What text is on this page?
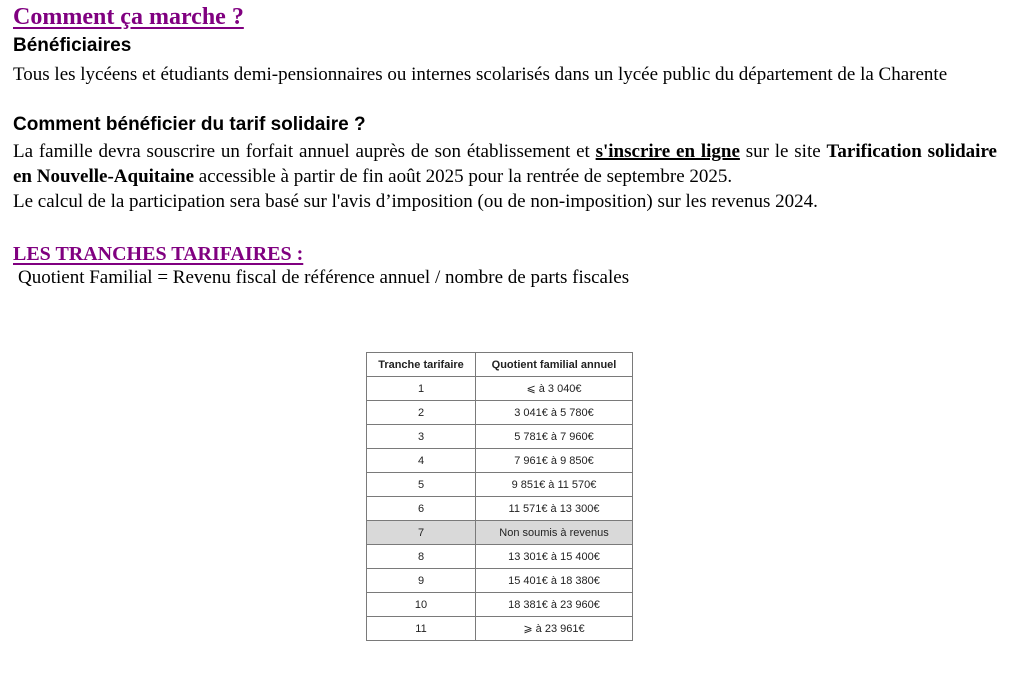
Comment ça marche ?
Bénéficiaires

Tous les lycéens et étudiants demi-pensionnaires ou internes scolarisés dans un lycée public du département de la Charente

Comment bénéficier du tarif solidaire ?

La famille devra souscrire un forfait annuel auprès de son établissement et s'inscrire en ligne sur le site Tarification solidaire en Nouvelle-Aquitaine accessible à partir de fin août 2025 pour la rentrée de septembre 2025.

Le calcul de la participation sera basé sur l'avis d’imposition (ou de non-imposition) sur les revenus 2024.

LES TRANCHES TARIFAIRES :

Quotient Familial = Revenu fiscal de référence annuel / nombre de parts fiscales

Tranche tarifaire	Quotient familial annuel
1	⩽ à 3 040€
2	3 041€ à 5 780€
3	5 781€ à 7 960€
4	7 961€ à 9 850€
5	9 851€ à 11 570€
6	11 571€ à 13 300€
7	Non soumis à revenus
8	13 301€ à 15 400€
9	15 401€ à 18 380€
10	18 381€ à 23 960€
11	⩾ à 23 961€
